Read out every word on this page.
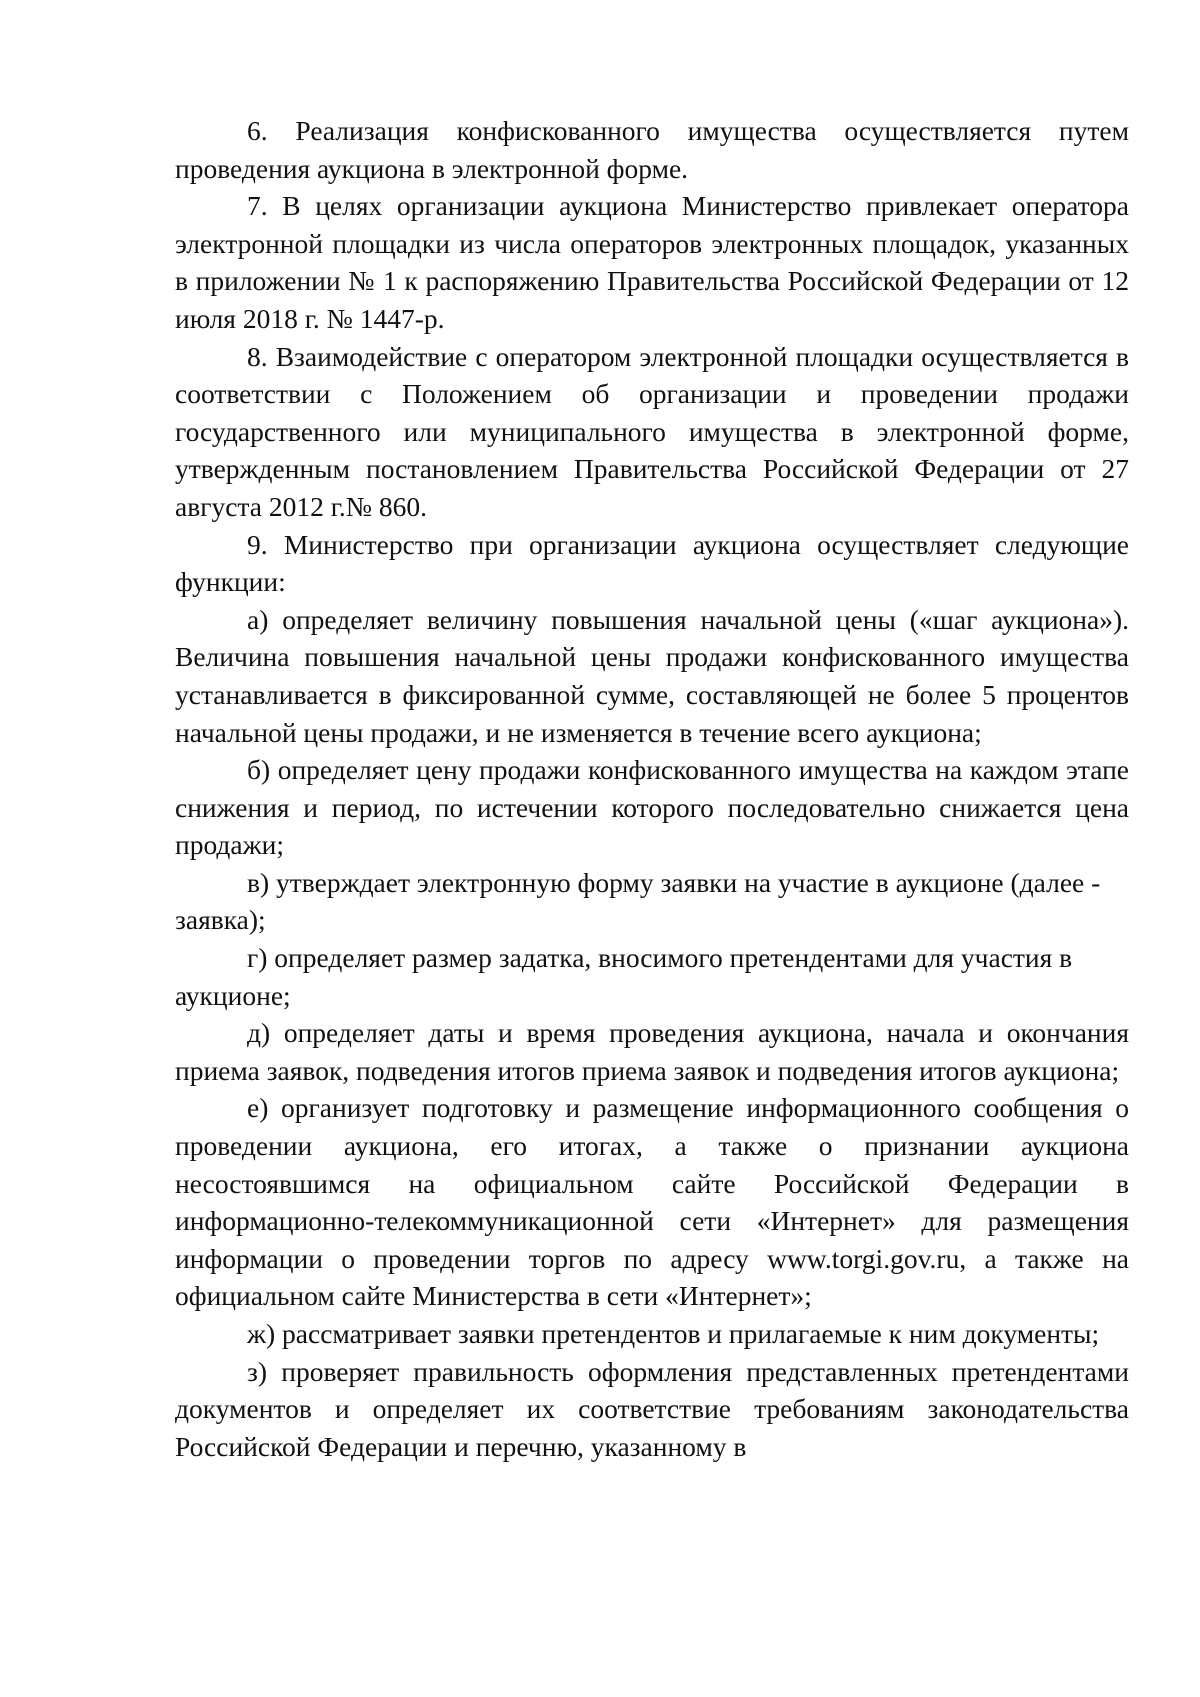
6. Реализация конфискованного имущества осуществляется путем проведения аукциона в электронной форме.

7. В целях организации аукциона Министерство привлекает оператора электронной площадки из числа операторов электронных площадок, указанных в приложении № 1 к распоряжению Правительства Российской Федерации от 12 июля 2018 г. № 1447-р.

8. Взаимодействие с оператором электронной площадки осуществляется в соответствии с Положением об организации и проведении продажи государственного или муниципального имущества в электронной форме, утвержденным постановлением Правительства Российской Федерации от 27 августа 2012 г.№ 860.

9. Министерство при организации аукциона осуществляет следующие функции:

а) определяет величину повышения начальной цены («шаг аукциона»). Величина повышения начальной цены продажи конфискованного имущества устанавливается в фиксированной сумме, составляющей не более 5 процентов начальной цены продажи, и не изменяется в течение всего аукциона;

б) определяет цену продажи конфискованного имущества на каждом этапе снижения и период, по истечении которого последовательно снижается цена продажи;

в) утверждает электронную форму заявки на участие в аукционе (далее - заявка);

г) определяет размер задатка, вносимого претендентами для участия в аукционе;

д) определяет даты и время проведения аукциона, начала и окончания приема заявок, подведения итогов приема заявок и подведения итогов аукциона;

е) организует подготовку и размещение информационного сообщения о проведении аукциона, его итогах, а также о признании аукциона несостоявшимся на официальном сайте Российской Федерации в информационно-телекоммуникационной сети «Интернет» для размещения информации о проведении торгов по адресу www.torgi.gov.ru, а также на официальном сайте Министерства в сети «Интернет»;

ж) рассматривает заявки претендентов и прилагаемые к ним документы;

з) проверяет правильность оформления представленных претендентами документов и определяет их соответствие требованиям законодательства Российской Федерации и перечню, указанному в
